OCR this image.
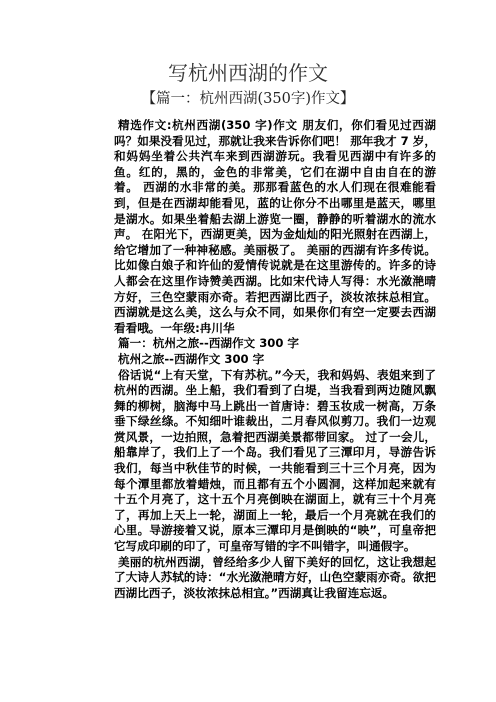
写杭州西湖的作文
【篇一：杭州西湖(350字)作文】

精选作文:杭州西湖(350 字)作文 朋友们，你们看见过西湖吗？如果没看见过，那就让我来告诉你们吧！ 那年我才 7 岁，和妈妈坐着公共汽车来到西湖游玩。我看见西湖中有许多的鱼。红的，黑的，金色的非常美，它们在湖中自由自在的游着。 西湖的水非常的美。那那看蓝色的水人们现在很难能看到，但是在西湖却能看见，蓝的让你分不出哪里是蓝天，哪里是湖水。如果坐着船去湖上游览一圈，静静的听着湖水的流水声。 在阳光下，西湖更美，因为金灿灿的阳光照射在西湖上，给它增加了一种神秘感。美丽极了。 美丽的西湖有许多传说。比如像白娘子和许仙的爱情传说就是在这里游传的。许多的诗人都会在这里作诗赞美西湖。比如宋代诗人写得：水光潋滟晴方好，三色空蒙雨亦奇。若把西湖比西子，淡妆浓抹总相宜。西湖就是这么美，这么与众不同，如果你们有空一定要去西湖看看哦。一年级:冉川华

篇一：杭州之旅--西湖作文 300 字

杭州之旅--西湖作文 300 字

俗话说“上有天堂，下有苏杭。”今天，我和妈妈、表姐来到了杭州的西湖。坐上船，我们看到了白堤，当我看到两边随风飘舞的柳树，脑海中马上跳出一首唐诗：碧玉妆成一树高，万条垂下绿丝绦。不知细叶谁裁出，二月春风似剪刀。我们一边观赏风景，一边拍照，急着把西湖美景都带回家。 过了一会儿，船靠岸了，我们上了一个岛。我们看见了三潭印月，导游告诉我们，每当中秋佳节的时候，一共能看到三十三个月亮，因为每个潭里都放着蜡烛，而且都有五个小圆洞，这样加起来就有十五个月亮了，这十五个月亮倒映在湖面上，就有三十个月亮了，再加上天上一轮，湖面上一轮，最后一个月亮就在我们的心里。导游接着又说，原本三潭印月是倒映的“映”，可皇帝把它写成印刷的印了，可皇帝写错的字不叫错字，叫通假字。

美丽的杭州西湖，曾经给多少人留下美好的回忆，这让我想起了大诗人苏轼的诗：“水光潋滟晴方好，山色空蒙雨亦奇。欲把西湖比西子，淡妆浓抹总相宜。”西湖真让我留连忘返。
